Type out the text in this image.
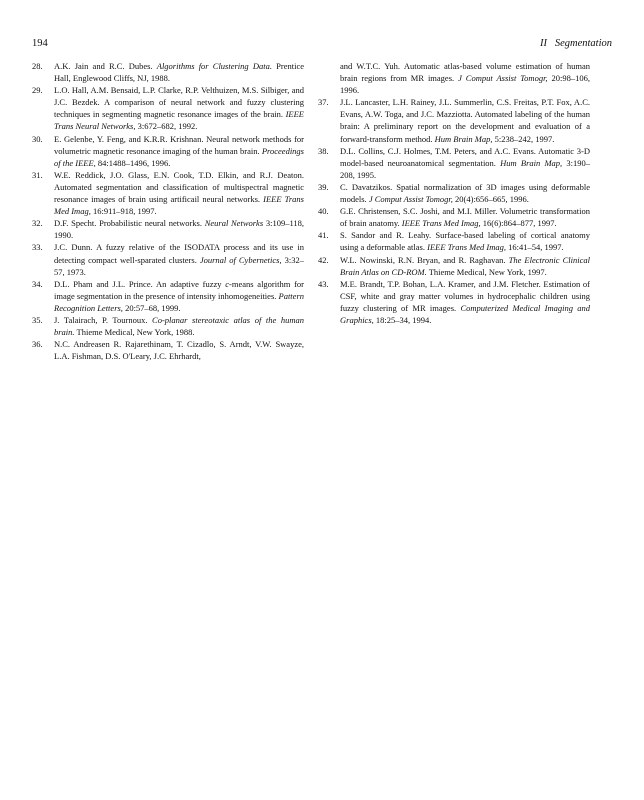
194	II Segmentation

28. A.K. Jain and R.C. Dubes. Algorithms for Clustering Data. Prentice Hall, Englewood Cliffs, NJ, 1988.

29. L.O. Hall, A.M. Bensaid, L.P. Clarke, R.P. Velthuizen, M.S. Silbiger, and J.C. Bezdek. A comparison of neural network and fuzzy clustering techniques in segmenting magnetic resonance images of the brain. IEEE Trans Neural Networks, 3:672–682, 1992.

30. E. Gelenbe, Y. Feng, and K.R.R. Krishnan. Neural network methods for volumetric magnetic resonance imaging of the human brain. Proceedings of the IEEE, 84:1488–1496, 1996.

31. W.E. Reddick, J.O. Glass, E.N. Cook, T.D. Elkin, and R.J. Deaton. Automated segmentation and classification of multispectral magnetic resonance images of brain using artificail neural networks. IEEE Trans Med Imag, 16:911–918, 1997.

32. D.F. Specht. Probabilistic neural networks. Neural Networks 3:109–118, 1990.

33. J.C. Dunn. A fuzzy relative of the ISODATA process and its use in detecting compact well-sparated clusters. Journal of Cybernetics, 3:32–57, 1973.

34. D.L. Pham and J.L. Prince. An adaptive fuzzy c-means algorithm for image segmentation in the presence of intensity inhomogeneities. Pattern Recognition Letters, 20:57–68, 1999.

35. J. Talairach, P. Tournoux. Co-planar stereotaxic atlas of the human brain. Thieme Medical, New York, 1988.

36. N.C. Andreasen R. Rajarethinam, T. Cizadlo, S. Arndt, V.W. Swayze, L.A. Fishman, D.S. O'Leary, J.C. Ehrhardt,

and W.T.C. Yuh. Automatic atlas-based volume estimation of human brain regions from MR images. J Comput Assist Tomogr, 20:98–106, 1996.

37. J.L. Lancaster, L.H. Rainey, J.L. Summerlin, C.S. Freitas, P.T. Fox, A.C. Evans, A.W. Toga, and J.C. Mazziotta. Automated labeling of the human brain: A preliminary report on the development and evaluation of a forward-transform method. Hum Brain Map, 5:238–242, 1997.

38. D.L. Collins, C.J. Holmes, T.M. Peters, and A.C. Evans. Automatic 3-D model-based neuroanatomical segmentation. Hum Brain Map, 3:190–208, 1995.

39. C. Davatzikos. Spatial normalization of 3D images using deformable models. J Comput Assist Tomogr, 20(4):656–665, 1996.

40. G.E. Christensen, S.C. Joshi, and M.I. Miller. Volumetric transformation of brain anatomy. IEEE Trans Med Imag, 16(6):864–877, 1997.

41. S. Sandor and R. Leahy. Surface-based labeling of cortical anatomy using a deformable atlas. IEEE Trans Med Imag, 16:41–54, 1997.

42. W.L. Nowinski, R.N. Bryan, and R. Raghavan. The Electronic Clinical Brain Atlas on CD-ROM. Thieme Medical, New York, 1997.

43. M.E. Brandt, T.P. Bohan, L.A. Kramer, and J.M. Fletcher. Estimation of CSF, white and gray matter volumes in hydrocephalic children using fuzzy clustering of MR images. Computerized Medical Imaging and Graphics, 18:25–34, 1994.
